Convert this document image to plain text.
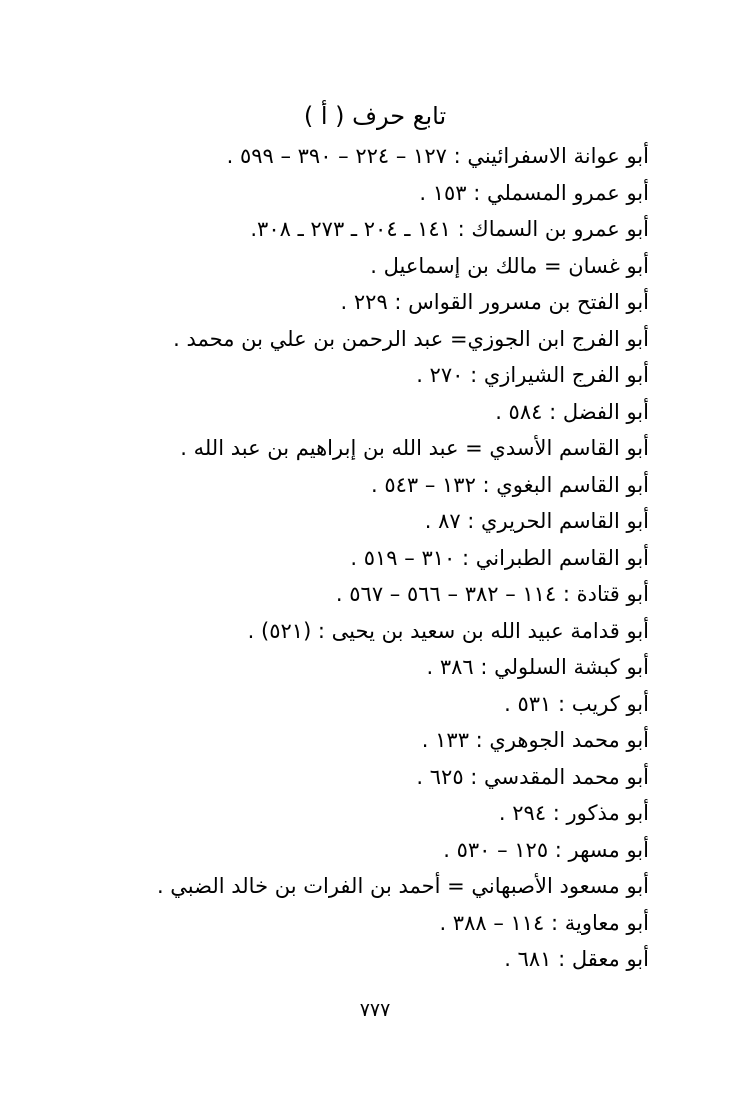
تابع حرف ( أ )
أبو عوانة الاسفرائيني : ١٢٧ – ٢٢٤ – ٣٩٠ – ٥٩٩ .
أبو عمرو المسملي : ١٥٣ .
أبو عمرو بن السماك : ١٤١ ـ ٢٠٤ ـ ٢٧٣ ـ ٣٠٨.
أبو غسان = مالك بن إسماعيل .
أبو الفتح بن مسرور القواس : ٢٢٩ .
أبو الفرج ابن الجوزي= عبد الرحمن بن علي بن محمد .
أبو الفرج الشيرازي : ٢٧٠ .
أبو الفضل : ٥٨٤ .
أبو القاسم الأسدي = عبد الله بن إبراهيم بن عبد الله .
أبو القاسم البغوي : ١٣٢ – ٥٤٣ .
أبو القاسم الحريري : ٨٧ .
أبو القاسم الطبراني : ٣١٠ – ٥١٩ .
أبو قتادة : ١١٤ – ٣٨٢ – ٥٦٦ – ٥٦٧ .
أبو قدامة عبيد الله بن سعيد بن يحيى : (٥٢١) .
أبو كبشة السلولي : ٣٨٦ .
أبو كريب : ٥٣١ .
أبو محمد الجوهري : ١٣٣ .
أبو محمد المقدسي : ٦٢٥ .
أبو مذكور : ٢٩٤ .
أبو مسهر : ١٢٥ – ٥٣٠ .
أبو مسعود الأصبهاني = أحمد بن الفرات بن خالد الضبي .
أبو معاوية : ١١٤ – ٣٨٨ .
أبو معقل : ٦٨١ .
٧٧٧
